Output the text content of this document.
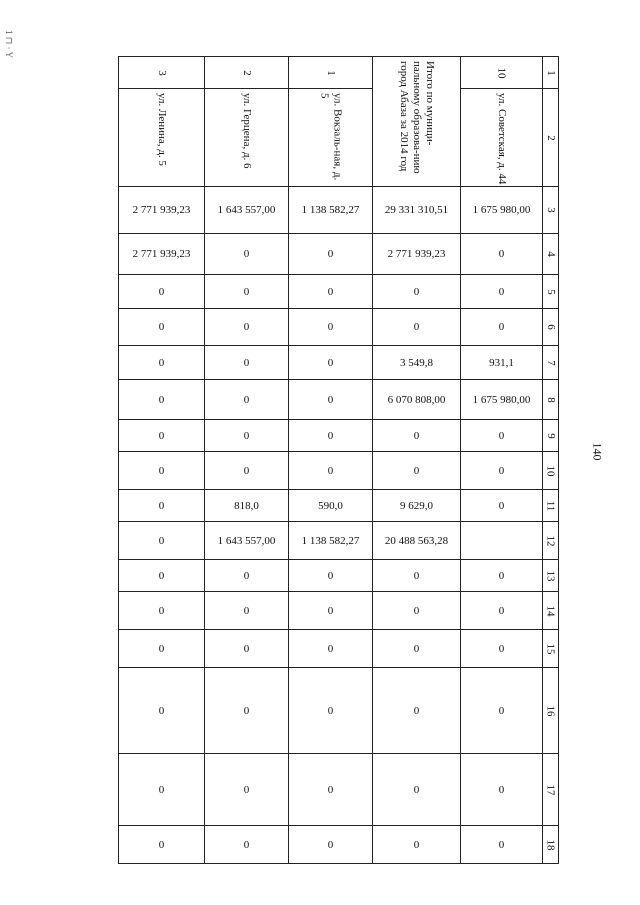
1 ⊓ · Y
140
3	2	1	Итого по муници-пальному образова-нию город Абаза за 2014 год	10	1

ул. Ленина, д. 5	ул. Герцена, д. 6	ул. Вокзаль-ная, д. 5		ул. Советская, д. 44	2
2 771 939,23	1 643 557,00	1 138 582,27	29 331 310,51	1 675 980,00	3
2 771 939,23	0	0	2 771 939,23	0	4
0	0	0	0	0	5
0	0	0	0	0	6
0	0	0	3 549,8	931,1	7
0	0	0	6 070 808,00	1 675 980,00	8
0	0	0	0	0	9
0	0	0	0	0	10
0	818,0	590,0	9 629,0	0	11
0	1 643 557,00	1 138 582,27	20 488 563,28		12
0	0	0	0	0	13
0	0	0	0	0	14
0	0	0	0	0	15
0	0	0	0	0	16
0	0	0	0	0	17
0	0	0	0	0	18
